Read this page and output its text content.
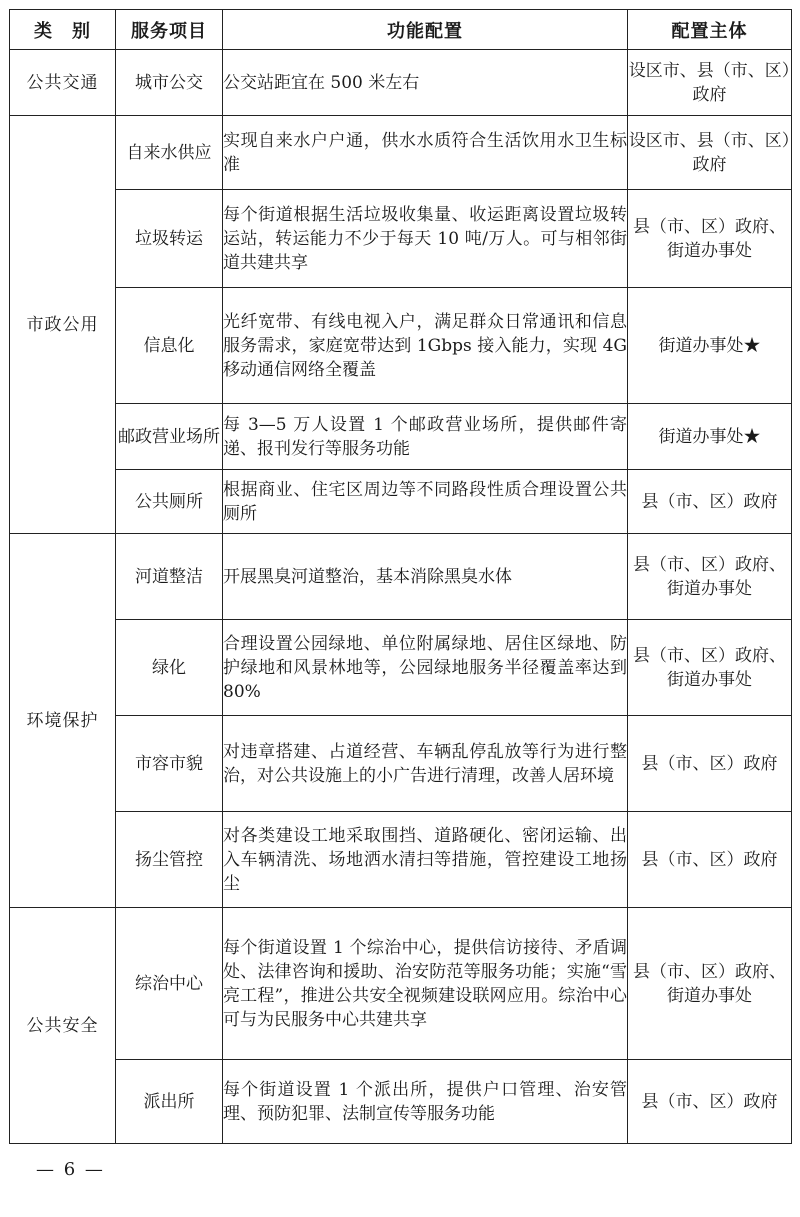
类　别	服务项目	功能配置	配置主体
公共交通	城市公交	公交站距宜在 500 米左右	设区市、县（市、区）政府
市政公用	自来水供应	实现自来水户户通，供水水质符合生活饮用水卫生标准	设区市、县（市、区）政府
	垃圾转运	每个街道根据生活垃圾收集量、收运距离设置垃圾转运站，转运能力不少于每天 10 吨/万人。可与相邻街道共建共享	县（市、区）政府、街道办事处
	信息化	光纤宽带、有线电视入户，满足群众日常通讯和信息服务需求，家庭宽带达到 1Gbps 接入能力，实现 4G 移动通信网络全覆盖	街道办事处★
	邮政营业场所	每 3—5 万人设置 1 个邮政营业场所，提供邮件寄递、报刊发行等服务功能	街道办事处★
	公共厕所	根据商业、住宅区周边等不同路段性质合理设置公共厕所	县（市、区）政府
环境保护	河道整洁	开展黑臭河道整治，基本消除黑臭水体	县（市、区）政府、街道办事处
	绿化	合理设置公园绿地、单位附属绿地、居住区绿地、防护绿地和风景林地等，公园绿地服务半径覆盖率达到 80%	县（市、区）政府、街道办事处
	市容市貌	对违章搭建、占道经营、车辆乱停乱放等行为进行整治，对公共设施上的小广告进行清理，改善人居环境	县（市、区）政府
	扬尘管控	对各类建设工地采取围挡、道路硬化、密闭运输、出入车辆清洗、场地洒水清扫等措施，管控建设工地扬尘	县（市、区）政府
公共安全	综治中心	每个街道设置 1 个综治中心，提供信访接待、矛盾调处、法律咨询和援助、治安防范等服务功能；实施“雪亮工程”，推进公共安全视频建设联网应用。综治中心可与为民服务中心共建共享	县（市、区）政府、街道办事处
	派出所	每个街道设置 1 个派出所，提供户口管理、治安管理、预防犯罪、法制宣传等服务功能	县（市、区）政府
— 6 —
